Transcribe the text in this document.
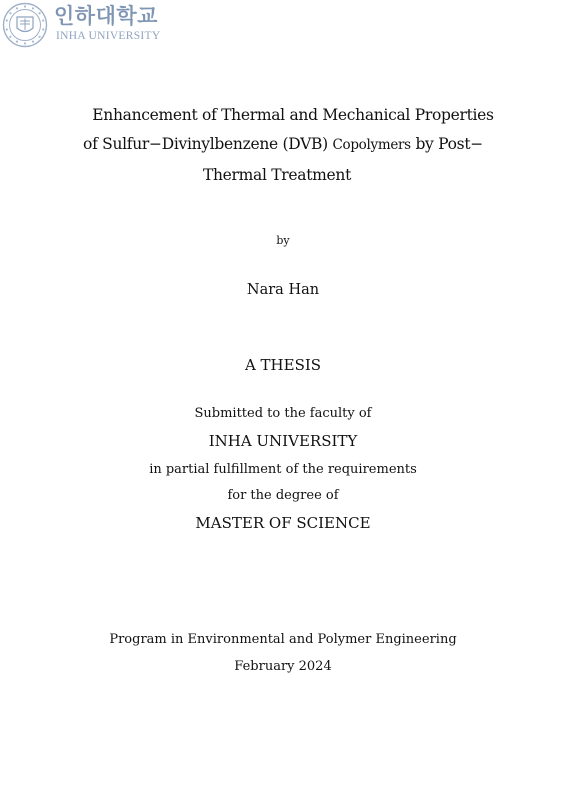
인하대학교
INHA UNIVERSITY
Enhancement of Thermal and Mechanical Properties
of Sulfur−Divinylbenzene (DVB) Copolymers by Post−
Thermal Treatment
by
Nara Han
A THESIS
Submitted to the faculty of
INHA UNIVERSITY
in partial fulfillment of the requirements
for the degree of
MASTER OF SCIENCE
Program in Environmental and Polymer Engineering
February 2024
